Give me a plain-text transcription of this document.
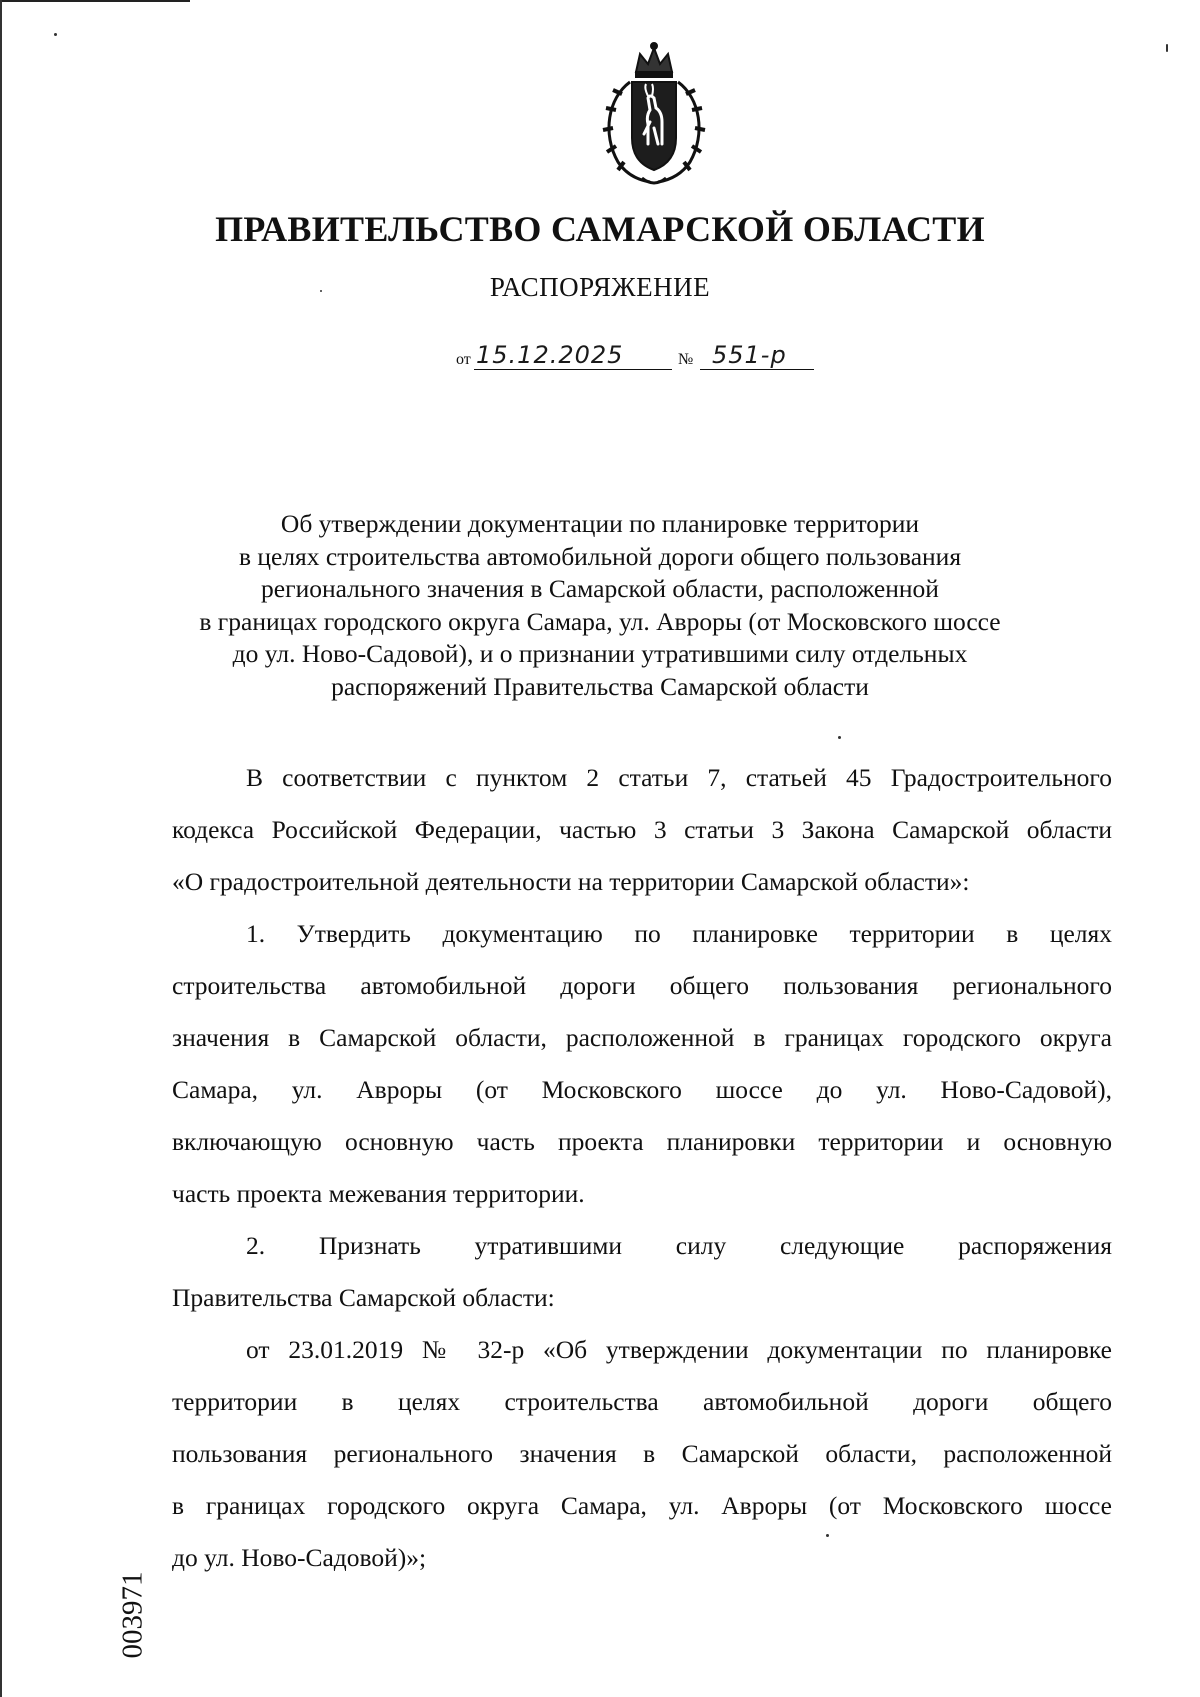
ПРАВИТЕЛЬСТВО САМАРСКОЙ ОБЛАСТИ
РАСПОРЯЖЕНИЕ
от 15.12.2025	№ 551-р
Об утверждении документации по планировке территории
в целях строительства автомобильной дороги общего пользования
регионального значения в Самарской области, расположенной
в границах городского округа Самара, ул. Авроры (от Московского шоссе
до ул. Ново-Садовой), и о признании утратившими силу отдельных
распоряжений Правительства Самарской области

В соответствии с пунктом 2 статьи 7, статьей 45 Градостроительного
кодекса Российской Федерации, частью 3 статьи 3 Закона Самарской области
«О градостроительной деятельности на территории Самарской области»:

1. Утвердить документацию по планировке территории в целях
строительства автомобильной дороги общего пользования регионального
значения в Самарской области, расположенной в границах городского округа
Самара, ул. Авроры (от Московского шоссе до ул. Ново-Садовой),
включающую основную часть проекта планировки территории и основную
часть проекта межевания территории.

2. Признать утратившими силу следующие распоряжения
Правительства Самарской области:

от 23.01.2019 № 32-р «Об утверждении документации по планировке
территории в целях строительства автомобильной дороги общего
пользования регионального значения в Самарской области, расположенной
в границах городского округа Самара, ул. Авроры (от Московского шоссе
до ул. Ново-Садовой)»;

003971
